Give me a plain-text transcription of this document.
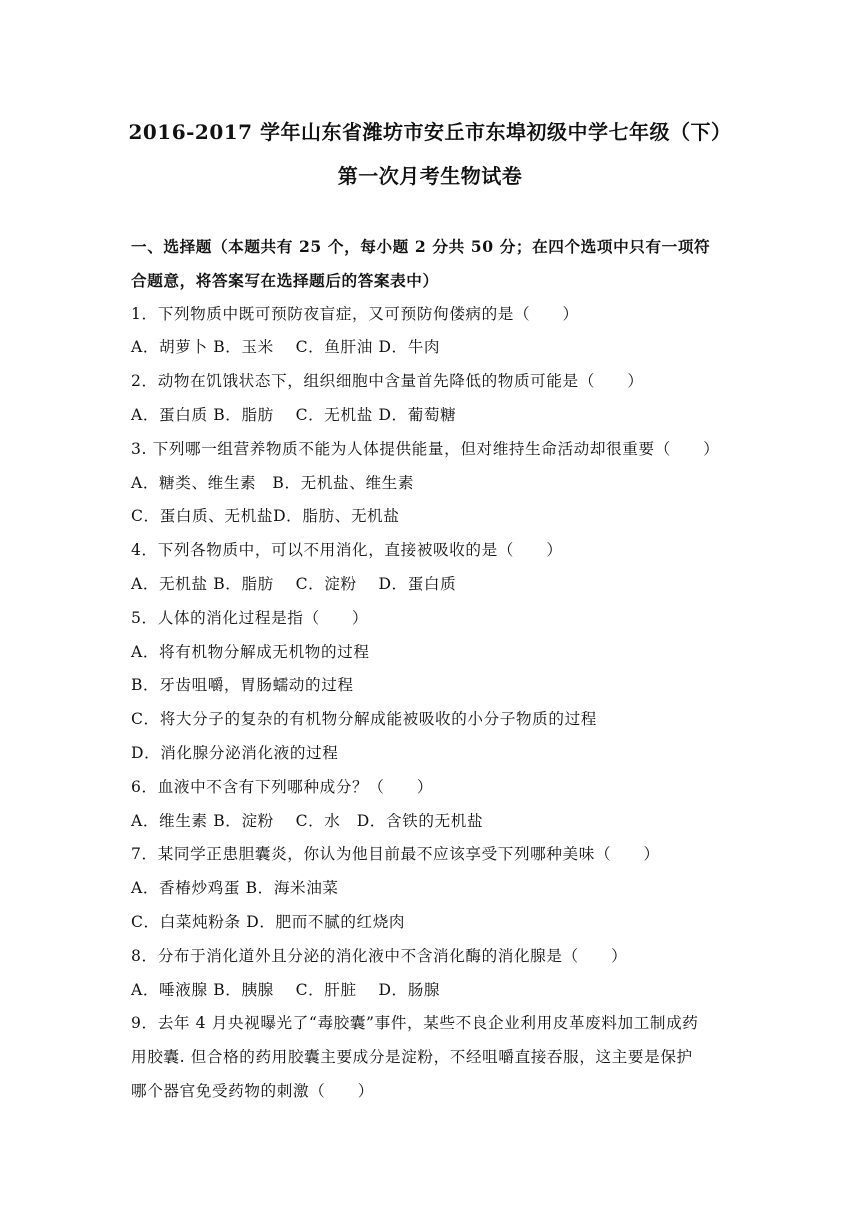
2016-2017 学年山东省潍坊市安丘市东埠初级中学七年级（下）
第一次月考生物试卷
一、选择题（本题共有 25 个，每小题 2 分共 50 分；在四个选项中只有一项符
合题意，将答案写在选择题后的答案表中）
1．下列物质中既可预防夜盲症，又可预防佝偻病的是（　　）
A．胡萝卜 B．玉米　 C．鱼肝油 D．牛肉
2．动物在饥饿状态下，组织细胞中含量首先降低的物质可能是（　　）
A．蛋白质 B．脂肪　 C．无机盐 D．葡萄糖
3. 下列哪一组营养物质不能为人体提供能量，但对维持生命活动却很重要（　　）
A．糖类、维生素　B．无机盐、维生素
C．蛋白质、无机盐D．脂肪、无机盐
4．下列各物质中，可以不用消化，直接被吸收的是（　　）
A．无机盐 B．脂肪　 C．淀粉　 D．蛋白质
5．人体的消化过程是指（　　）
A．将有机物分解成无机物的过程
B．牙齿咀嚼，胃肠蠕动的过程
C．将大分子的复杂的有机物分解成能被吸收的小分子物质的过程
D．消化腺分泌消化液的过程
6．血液中不含有下列哪种成分？（　　）
A．维生素 B．淀粉　 C．水　D．含铁的无机盐
7．某同学正患胆囊炎，你认为他目前最不应该享受下列哪种美味（　　）
A．香椿炒鸡蛋 B．海米油菜
C．白菜炖粉条 D．肥而不腻的红烧肉
8．分布于消化道外且分泌的消化液中不含消化酶的消化腺是（　　）
A．唾液腺 B．胰腺　 C．肝脏　 D．肠腺
9．去年 4 月央视曝光了“毒胶囊”事件，某些不良企业利用皮革废料加工制成药
用胶囊. 但合格的药用胶囊主要成分是淀粉，不经咀嚼直接吞服，这主要是保护
哪个器官免受药物的刺激（　　）
